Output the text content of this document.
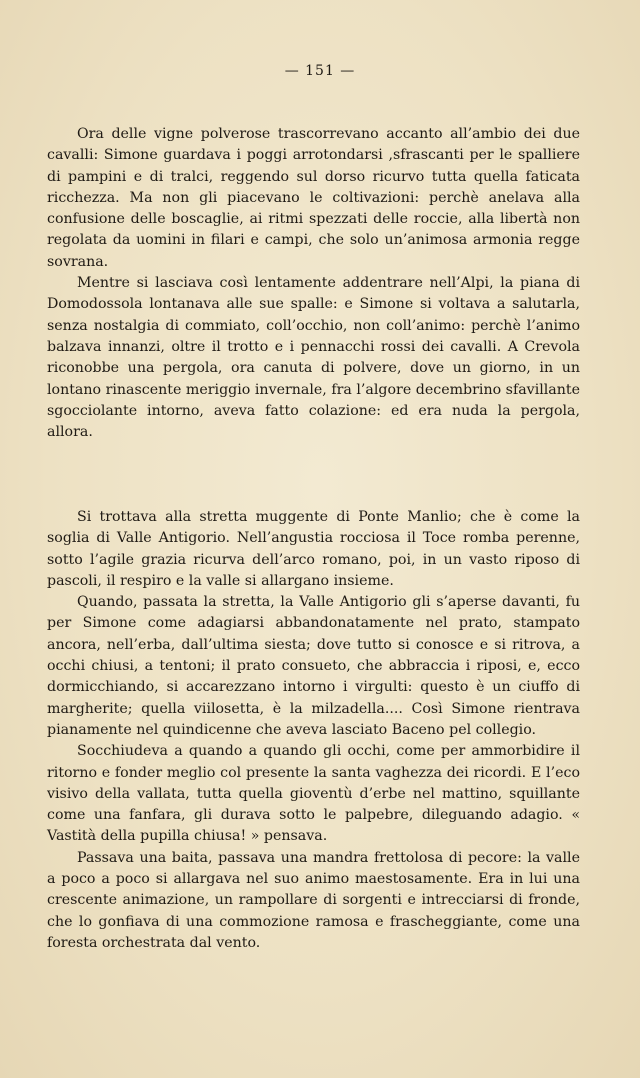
— 151 —

Ora delle vigne polverose trascorrevano accanto all’ambio dei due cavalli: Simone guardava i poggi arrotondarsi ,sfrascanti per le spalliere di pampini e di tralci, reggendo sul dorso ricurvo tutta quella faticata ricchezza. Ma non gli piacevano le coltivazioni: perchè anelava alla confusione delle boscaglie, ai ritmi spezzati delle roccie, alla libertà non regolata da uomini in filari e campi, che solo un’animosa armonia regge sovrana.

Mentre si lasciava così lentamente addentrare nell’Alpi, la piana di Domodossola lontanava alle sue spalle: e Simone si voltava a salutarla, senza nostalgia di commiato, coll’occhio, non coll’animo: perchè l’animo balzava innanzi, oltre il trotto e i pennacchi rossi dei cavalli. A Crevola riconobbe una pergola, ora canuta di polvere, dove un giorno, in un lontano rinascente meriggio invernale, fra l’algore decembrino sfavillante sgocciolante intorno, aveva fatto colazione: ed era nuda la pergola, allora.

Si trottava alla stretta muggente di Ponte Manlio; che è come la soglia di Valle Antigorio. Nell’angustia rocciosa il Toce romba perenne, sotto l’agile grazia ricurva dell’arco romano, poi, in un vasto riposo di pascoli, il respiro e la valle si allargano insieme.

Quando, passata la stretta, la Valle Antigorio gli s’aperse davanti, fu per Simone come adagiarsi abbandonatamente nel prato, stampato ancora, nell’erba, dall’ultima siesta; dove tutto si conosce e si ritrova, a occhi chiusi, a tentoni; il prato consueto, che abbraccia i riposi, e, ecco dormicchiando, si accarezzano intorno i virgulti: questo è un ciuffo di margherite; quella viilosetta, è la milzadella.... Così Simone rientrava pianamente nel quindicenne che aveva lasciato Baceno pel collegio.

Socchiudeva a quando a quando gli occhi, come per ammorbidire il ritorno e fonder meglio col presente la santa vaghezza dei ricordi. E l’eco visivo della vallata, tutta quella gioventù d’erbe nel mattino, squillante come una fanfara, gli durava sotto le palpebre, dileguando adagio. « Vastità della pupilla chiusa! » pensava.

Passava una baita, passava una mandra frettolosa di pecore: la valle a poco a poco si allargava nel suo animo maestosamente. Era in lui una crescente animazione, un rampollare di sorgenti e intrecciarsi di fronde, che lo gonfiava di una commozione ramosa e frascheggiante, come una foresta orchestrata dal vento.
